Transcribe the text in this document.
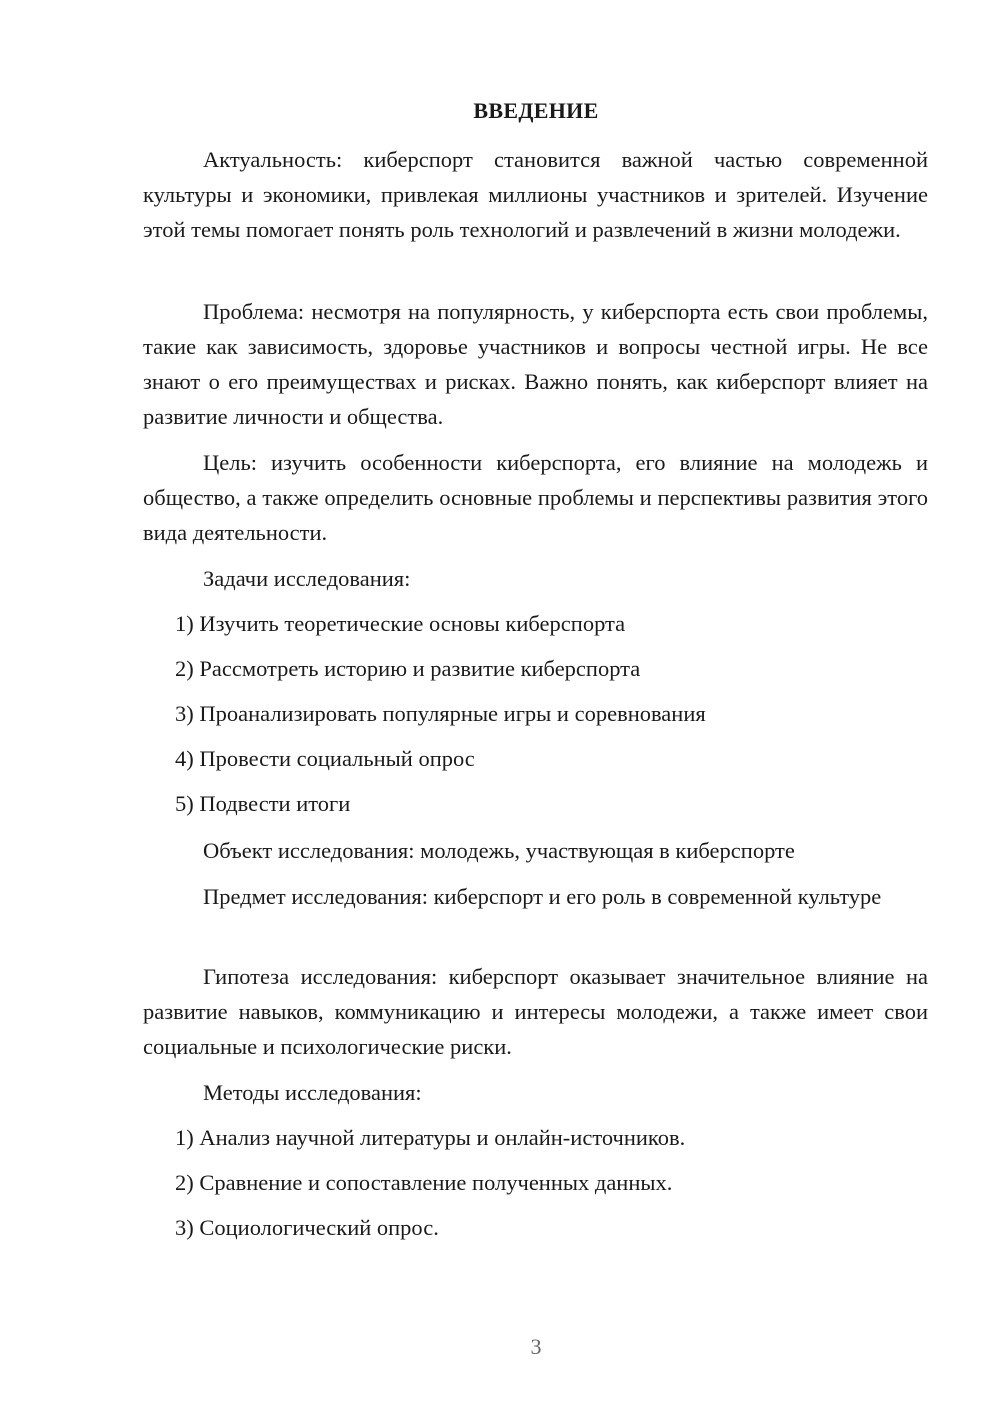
ВВЕДЕНИЕ

Актуальность: киберспорт становится важной частью современной культуры и экономики, привлекая миллионы участников и зрителей. Изучение этой темы помогает понять роль технологий и развлечений в жизни молодежи.

Проблема: несмотря на популярность, у киберспорта есть свои проблемы, такие как зависимость, здоровье участников и вопросы честной игры. Не все знают о его преимуществах и рисках. Важно понять, как киберспорт влияет на развитие личности и общества.

Цель: изучить особенности киберспорта, его влияние на молодежь и общество, а также определить основные проблемы и перспективы развития этого вида деятельности.

Задачи исследования:

1) Изучить теоретические основы киберспорта

2) Рассмотреть историю и развитие киберспорта

3) Проанализировать популярные игры и соревнования

4) Провести социальный опрос

5) Подвести итоги

Объект исследования: молодежь, участвующая в киберспорте

Предмет исследования: киберспорт и его роль в современной культуре

Гипотеза исследования: киберспорт оказывает значительное влияние на развитие навыков, коммуникацию и интересы молодежи, а также имеет свои социальные и психологические риски.

Методы исследования:

1) Анализ научной литературы и онлайн-источников.

2) Сравнение и сопоставление полученных данных.

3) Социологический опрос.

3
